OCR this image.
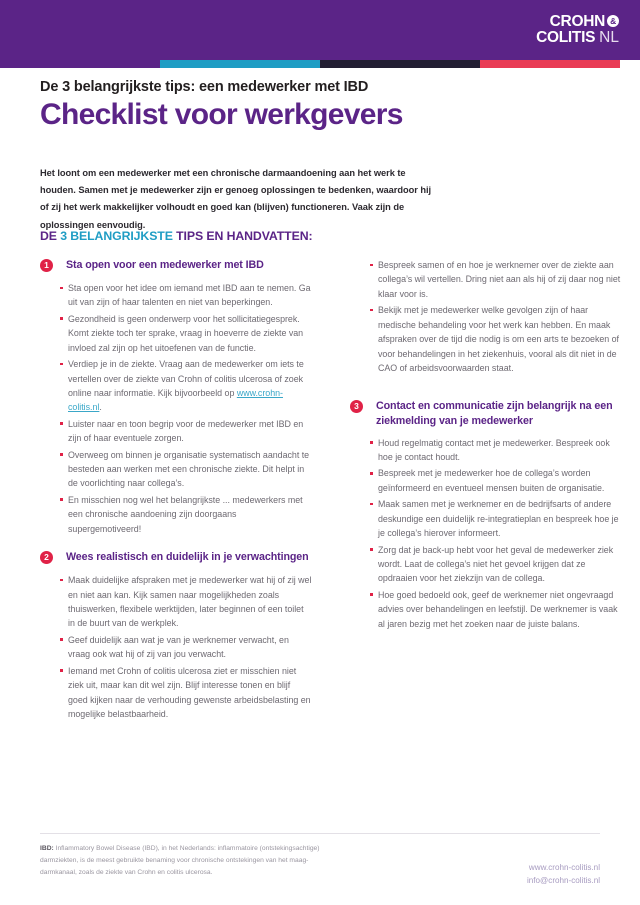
CROHN &
COLITIS NL
De 3 belangrijkste tips: een medewerker met IBD
Checklist voor werkgevers
Het loont om een medewerker met een chronische darmaandoening aan het werk te houden. Samen met je medewerker zijn er genoeg oplossingen te bedenken, waardoor hij of zij het werk makkelijker volhoudt en goed kan (blijven) functioneren. Vaak zijn de oplossingen eenvoudig.
DE 3 BELANGRIJKSTE TIPS EN HANDVATTEN:
1	Sta open voor een medewerker met IBD
Sta open voor het idee om iemand met IBD aan te nemen. Ga uit van zijn of haar talenten en niet van beperkingen.
Gezondheid is geen onderwerp voor het sollicitatiegesprek. Komt ziekte toch ter sprake, vraag in hoeverre de ziekte van invloed zal zijn op het uitoefenen van de functie.
Verdiep je in de ziekte. Vraag aan de medewerker om iets te vertellen over de ziekte van Crohn of colitis ulcerosa of zoek online naar informatie. Kijk bijvoorbeeld op www.crohn-colitis.nl.
Luister naar en toon begrip voor de medewerker met IBD en zijn of haar eventuele zorgen.
Overweeg om binnen je organisatie systematisch aandacht te besteden aan werken met een chronische ziekte. Dit helpt in de voorlichting naar collega’s.
En misschien nog wel het belangrijkste ... medewerkers met een chronische aandoening zijn doorgaans supergemotiveerd!
2	Wees realistisch en duidelijk in je verwachtingen
Maak duidelijke afspraken met je medewerker wat hij of zij wel en niet aan kan. Kijk samen naar mogelijkheden zoals thuiswerken, flexibele werktijden, later beginnen of een toilet in de buurt van de werkplek.
Geef duidelijk aan wat je van je werknemer verwacht, en vraag ook wat hij of zij van jou verwacht.
Iemand met Crohn of colitis ulcerosa ziet er misschien niet ziek uit, maar kan dit wel zijn. Blijf interesse tonen en blijf goed kijken naar de verhouding gewenste arbeidsbelasting en mogelijke belastbaarheid.
Bespreek samen of en hoe je werknemer over de ziekte aan collega’s wil vertellen. Dring niet aan als hij of zij daar nog niet klaar voor is.
Bekijk met je medewerker welke gevolgen zijn of haar medische behandeling voor het werk kan hebben. En maak afspraken over de tijd die nodig is om een arts te bezoeken of voor behandelingen in het ziekenhuis, vooral als dit niet in de CAO of arbeidsvoorwaarden staat.
3	Contact en communicatie zijn belangrijk na een ziekmelding van je medewerker
Houd regelmatig contact met je medewerker. Bespreek ook hoe je contact houdt.
Bespreek met je medewerker hoe de collega’s worden geïnformeerd en eventueel mensen buiten de organisatie.
Maak samen met je werknemer en de bedrijfsarts of andere deskundige een duidelijk re-integratieplan en bespreek hoe je je collega’s hierover informeert.
Zorg dat je back-up hebt voor het geval de medewerker ziek wordt. Laat de collega’s niet het gevoel krijgen dat ze opdraaien voor het ziekzijn van de collega.
Hoe goed bedoeld ook, geef de werknemer niet ongevraagd advies over behandelingen en leefstijl. De werknemer is vaak al jaren bezig met het zoeken naar de juiste balans.
IBD: Inflammatory Bowel Disease (IBD), in het Nederlands: inflammatoire (ontstekingsachtige) darmziekten, is de meest gebruikte benaming voor chronische ontstekingen van het maag-darmkanaal, zoals de ziekte van Crohn en colitis ulcerosa.
www.crohn-colitis.nl
info@crohn-colitis.nl
